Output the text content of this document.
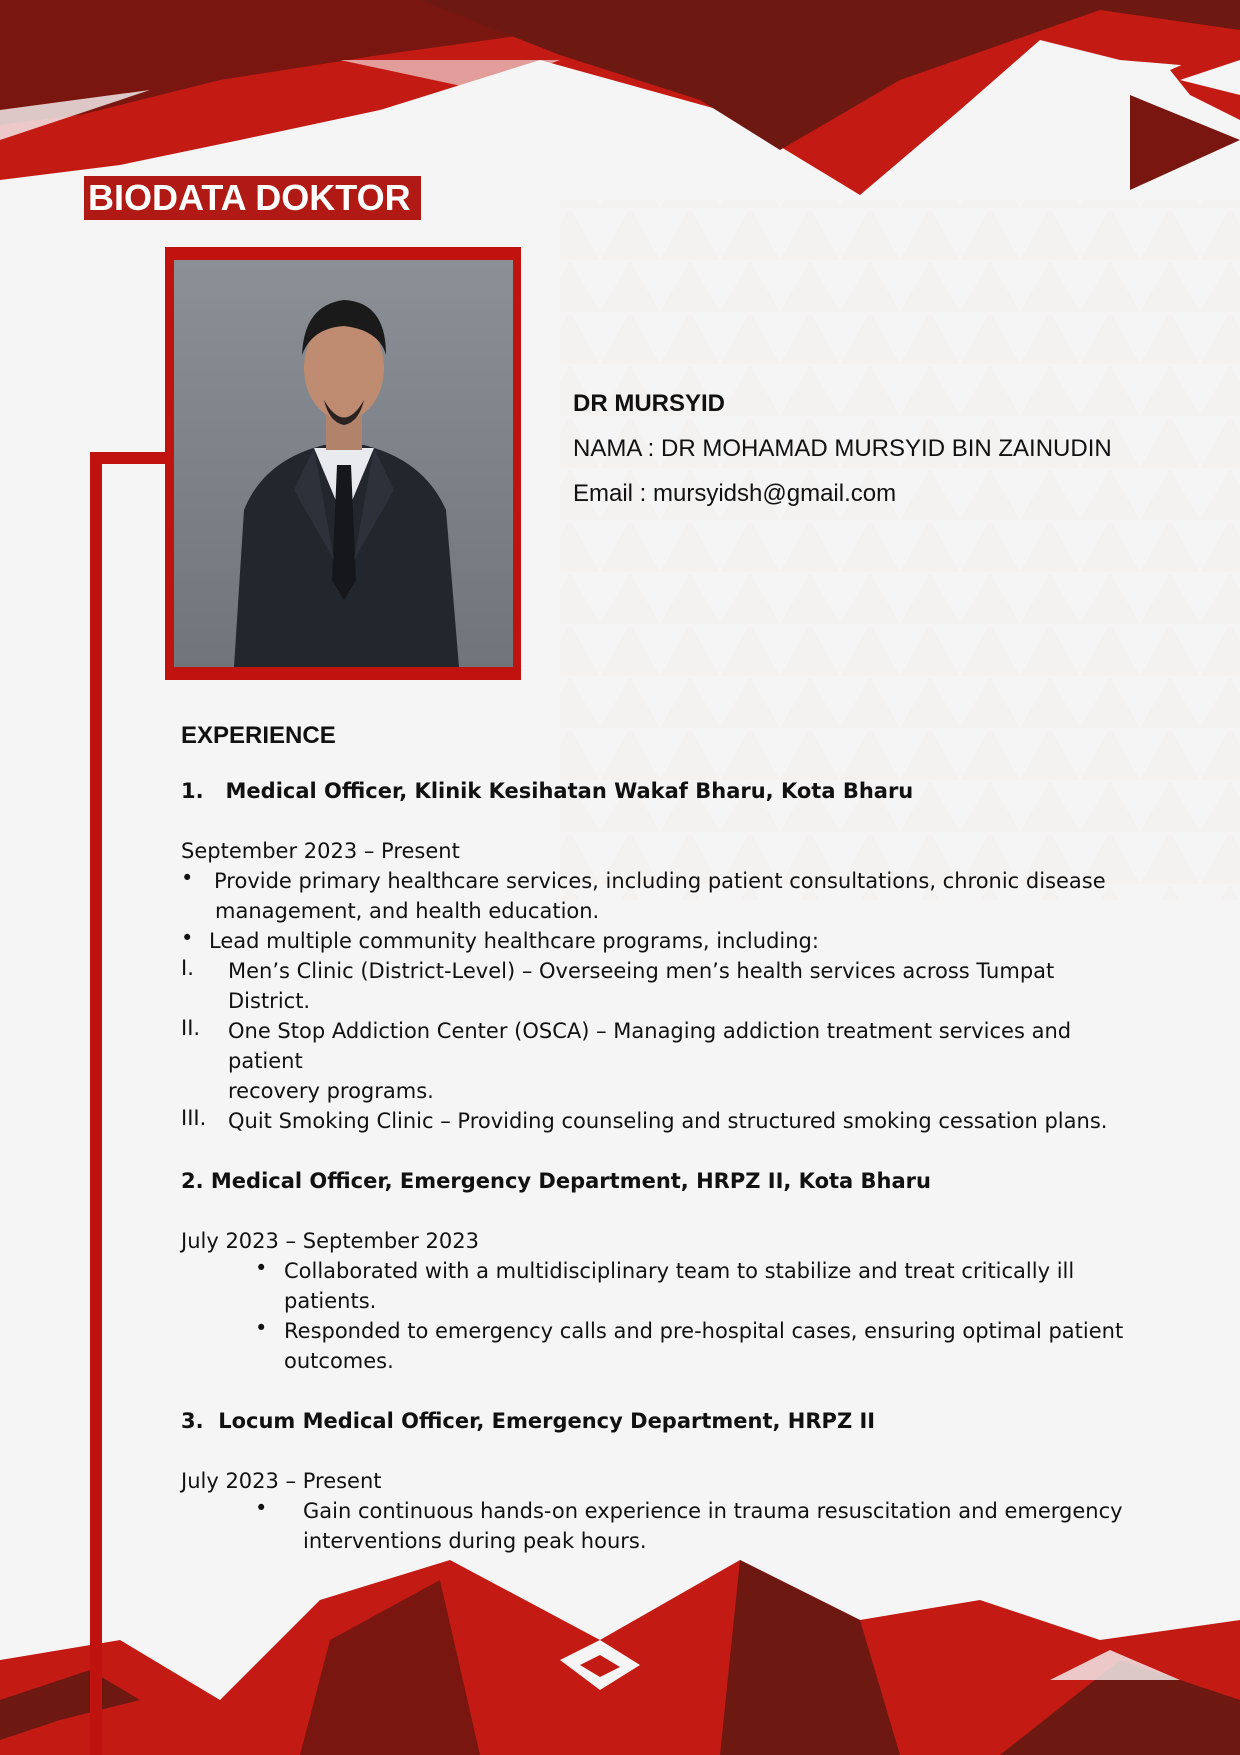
BIODATA DOKTOR
DR MURSYID
NAMA : DR MOHAMAD MURSYID BIN ZAINUDIN
Email : mursyidsh@gmail.com
EXPERIENCE

1.   Medical Officer, Klinik Kesihatan Wakaf Bharu, Kota Bharu

September 2023 – Present

• Provide primary healthcare services, including patient consultations, chronic disease

management, and health education.

• Lead multiple community healthcare programs, including:

I.	Men’s Clinic (District-Level) – Overseeing men’s health services across Tumpat District.

II.	One Stop Addiction Center (OSCA) – Managing addiction treatment services and patient

recovery programs.

III.	Quit Smoking Clinic – Providing counseling and structured smoking cessation plans.

2. Medical Officer, Emergency Department, HRPZ II, Kota Bharu

July 2023 – September 2023

• Collaborated with a multidisciplinary team to stabilize and treat critically ill

patients.

• Responded to emergency calls and pre-hospital cases, ensuring optimal patient

outcomes.

3.  Locum Medical Officer, Emergency Department, HRPZ II

July 2023 – Present

•	Gain continuous hands-on experience in trauma resuscitation and emergency

interventions during peak hours.
